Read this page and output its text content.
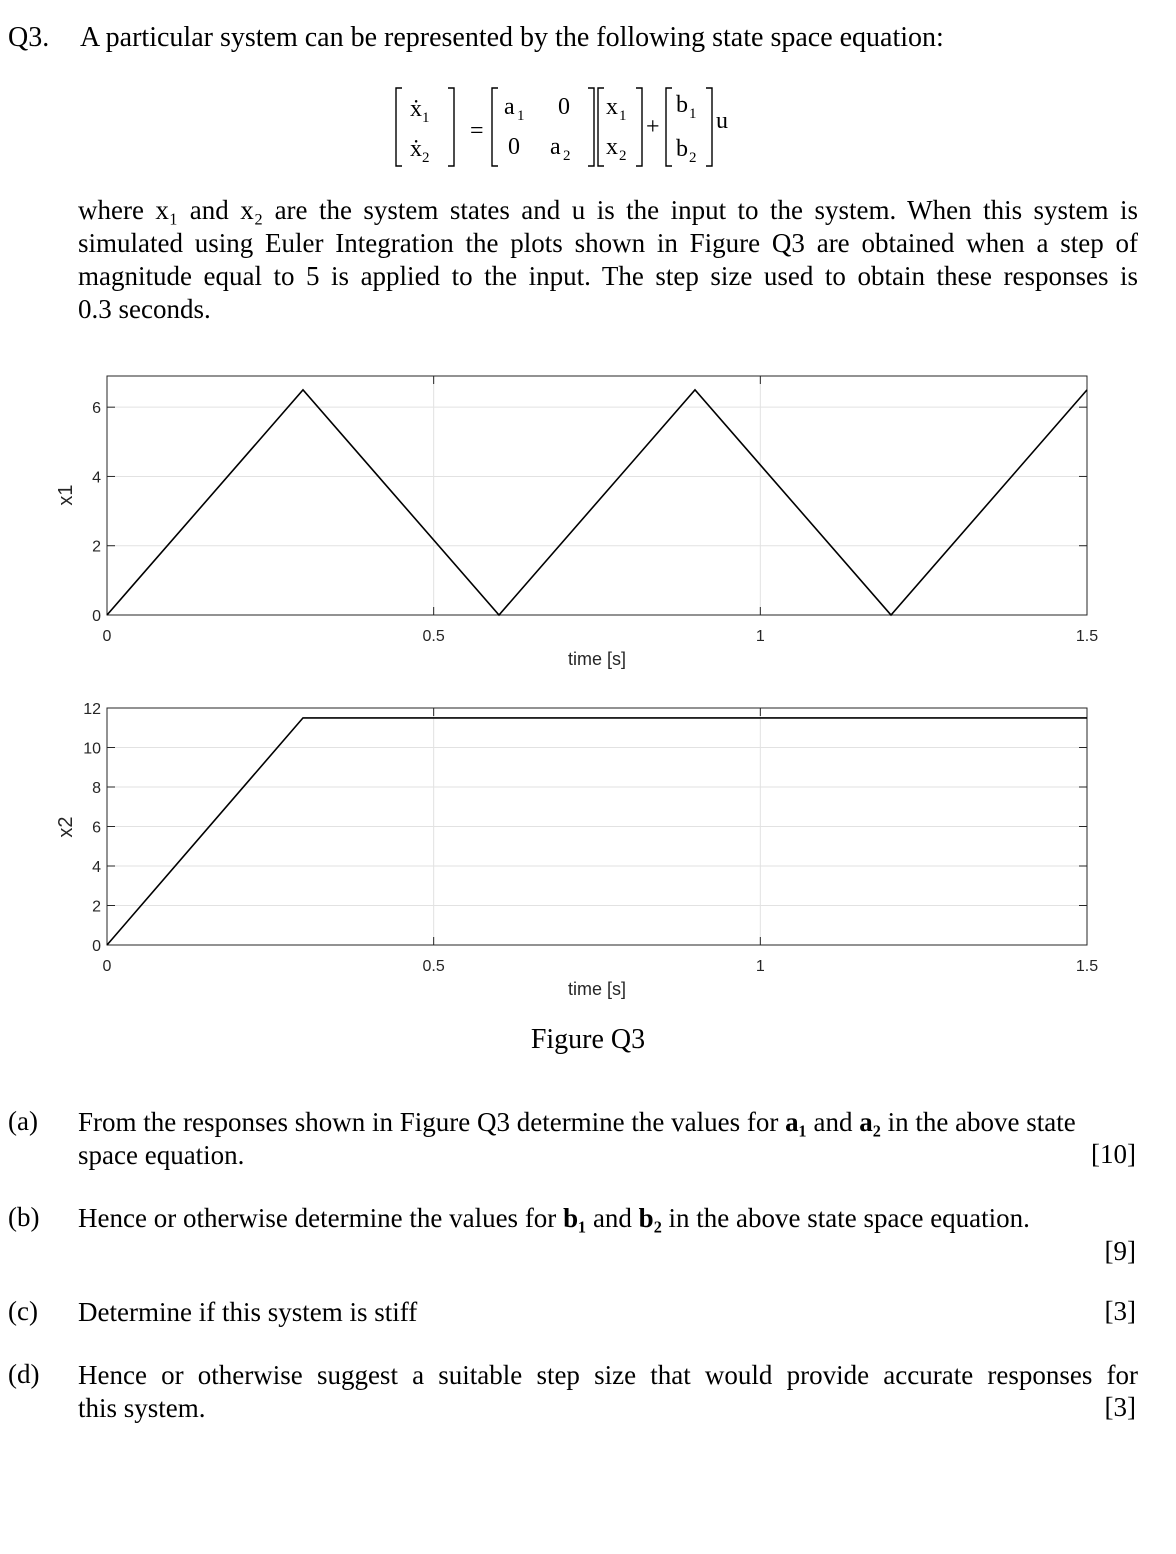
Q3. A particular system can be represented by the following state space equation:
ẋ 1
ẋ 2
=
a 1 0
0 a 2
x 1
x 2
+
b 1
b 2
u
where x₁ and x₂ are the system states and u is the input to the system. When this system is
simulated using Euler Integration the plots shown in Figure Q3 are obtained when a step of
magnitude equal to 5 is applied to the input. The step size used to obtain these responses is
0.3 seconds.
0	0.5	1	1.5
0
2
4
6
time [s]
x1
0	0.5	1	1.5
0
2
4
6
8
10
12
time [s]
x2
Figure Q3
(a) From the responses shown in Figure Q3 determine the values for a₁ and a₂ in the above state
space equation.	[10]
(b) Hence or otherwise determine the values for b₁ and b₂ in the above state space equation.
[9]
(c) Determine if this system is stiff	[3]
(d) Hence or otherwise suggest a suitable step size that would provide accurate responses for
this system.	[3]
